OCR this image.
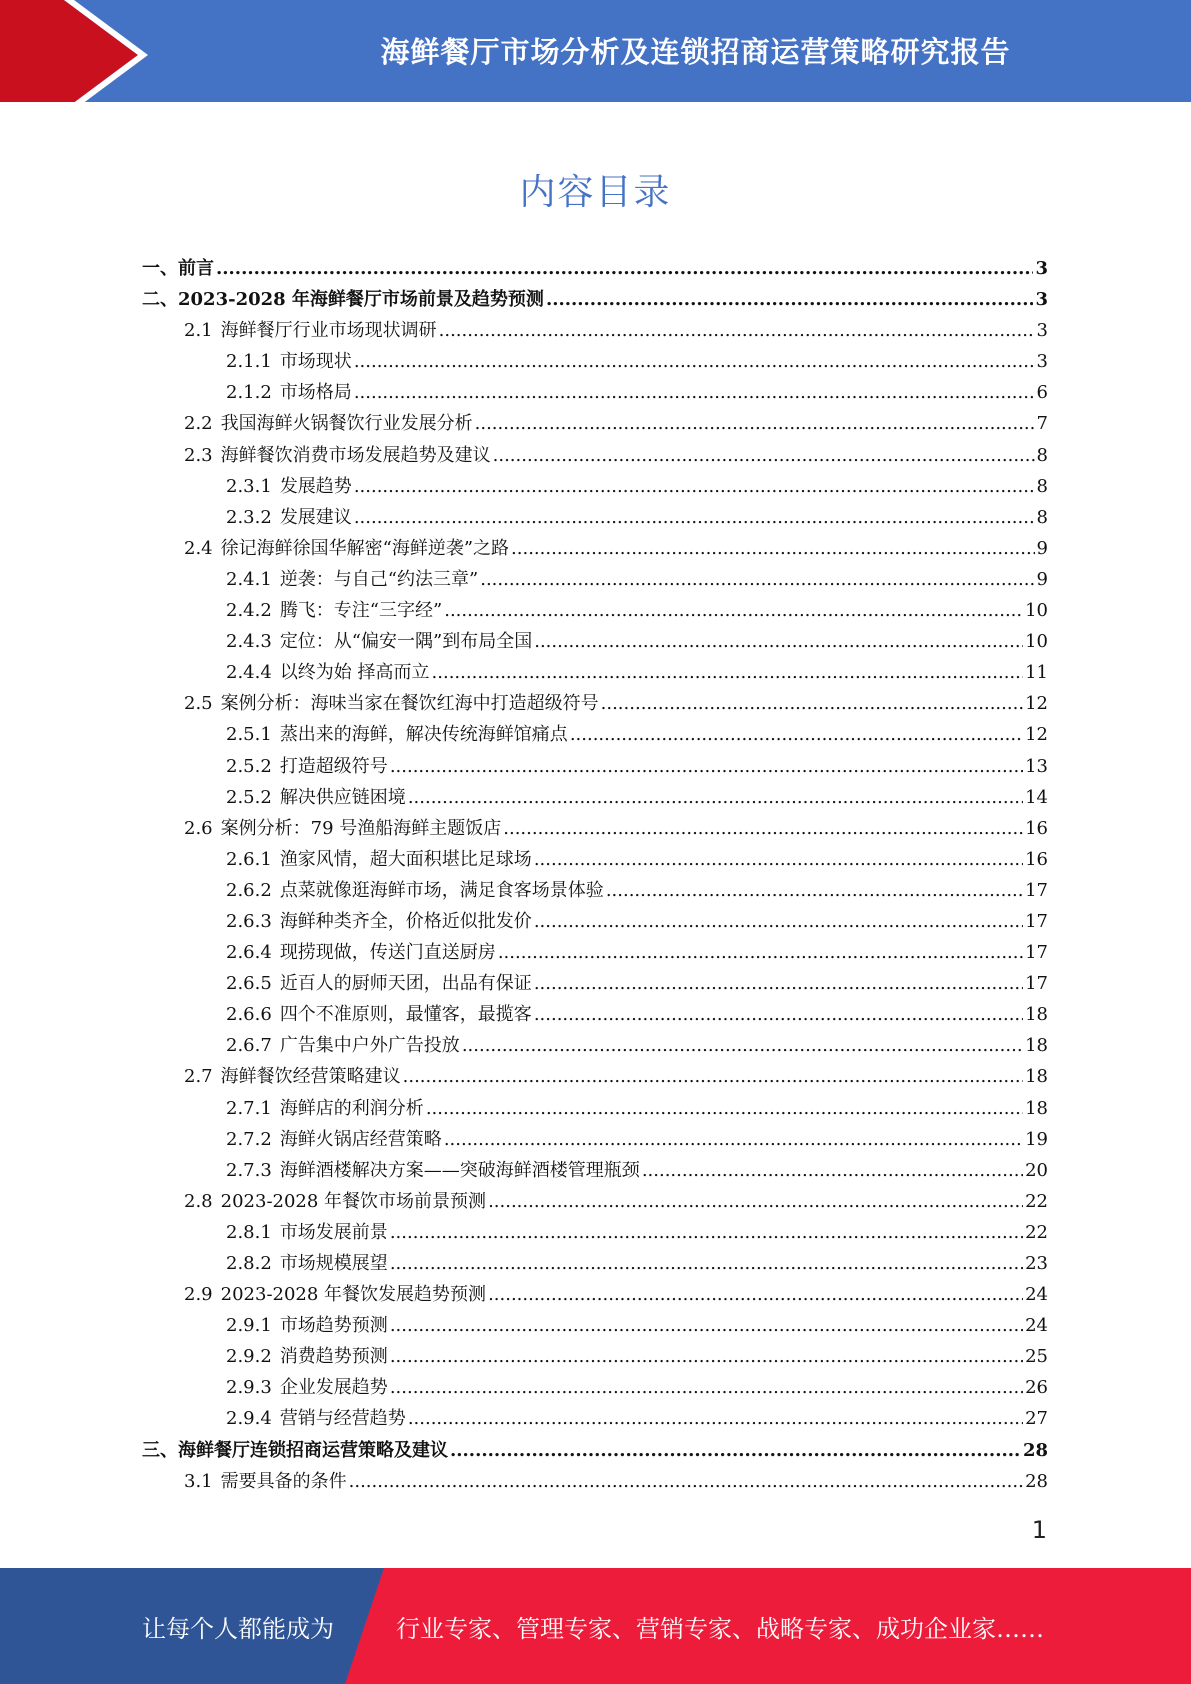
海鲜餐厅市场分析及连锁招商运营策略研究报告
内容目录
一、 前言 .....	3
二、 2023-2028 年海鲜餐厅市场前景及趋势预测 .....	3
2.1 海鲜餐厅行业市场现状调研 .....	3
2.1.1 市场现状 .....	3
2.1.2 市场格局 .....	6
2.2 我国海鲜火锅餐饮行业发展分析 .....	7
2.3 海鲜餐饮消费市场发展趋势及建议 .....	8
2.3.1 发展趋势 .....	8
2.3.2 发展建议 .....	8
2.4 徐记海鲜徐国华解密“海鲜逆袭”之路 .....	9
2.4.1 逆袭：与自己“约法三章” .....	9
2.4.2 腾飞：专注“三字经” .....	10
2.4.3 定位：从“偏安一隅”到布局全国 .....	10
2.4.4 以终为始 择高而立 .....	11
2.5 案例分析：海味当家在餐饮红海中打造超级符号 .....	12
2.5.1 蒸出来的海鲜，解决传统海鲜馆痛点 .....	12
2.5.2 打造超级符号 .....	13
2.5.2 解决供应链困境 .....	14
2.6 案例分析：79 号渔船海鲜主题饭店 .....	16
2.6.1 渔家风情，超大面积堪比足球场 .....	16
2.6.2 点菜就像逛海鲜市场，满足食客场景体验 .....	17
2.6.3 海鲜种类齐全，价格近似批发价 .....	17
2.6.4 现捞现做，传送门直送厨房 .....	17
2.6.5 近百人的厨师天团，出品有保证 .....	17
2.6.6 四个不准原则，最懂客，最揽客 .....	18
2.6.7 广告集中户外广告投放 .....	18
2.7 海鲜餐饮经营策略建议 .....	18
2.7.1 海鲜店的利润分析 .....	18
2.7.2 海鲜火锅店经营策略 .....	19
2.7.3 海鲜酒楼解决方案——突破海鲜酒楼管理瓶颈 .....	20
2.8 2023-2028 年餐饮市场前景预测 .....	22
2.8.1 市场发展前景 .....	22
2.8.2 市场规模展望 .....	23
2.9 2023-2028 年餐饮发展趋势预测 .....	24
2.9.1 市场趋势预测 .....	24
2.9.2 消费趋势预测 .....	25
2.9.3 企业发展趋势 .....	26
2.9.4 营销与经营趋势 .....	27
三、 海鲜餐厅连锁招商运营策略及建议 .....	28
3.1 需要具备的条件 .....	28
1
让每个人都能成为	行业专家、管理专家、营销专家、战略专家、成功企业家……
